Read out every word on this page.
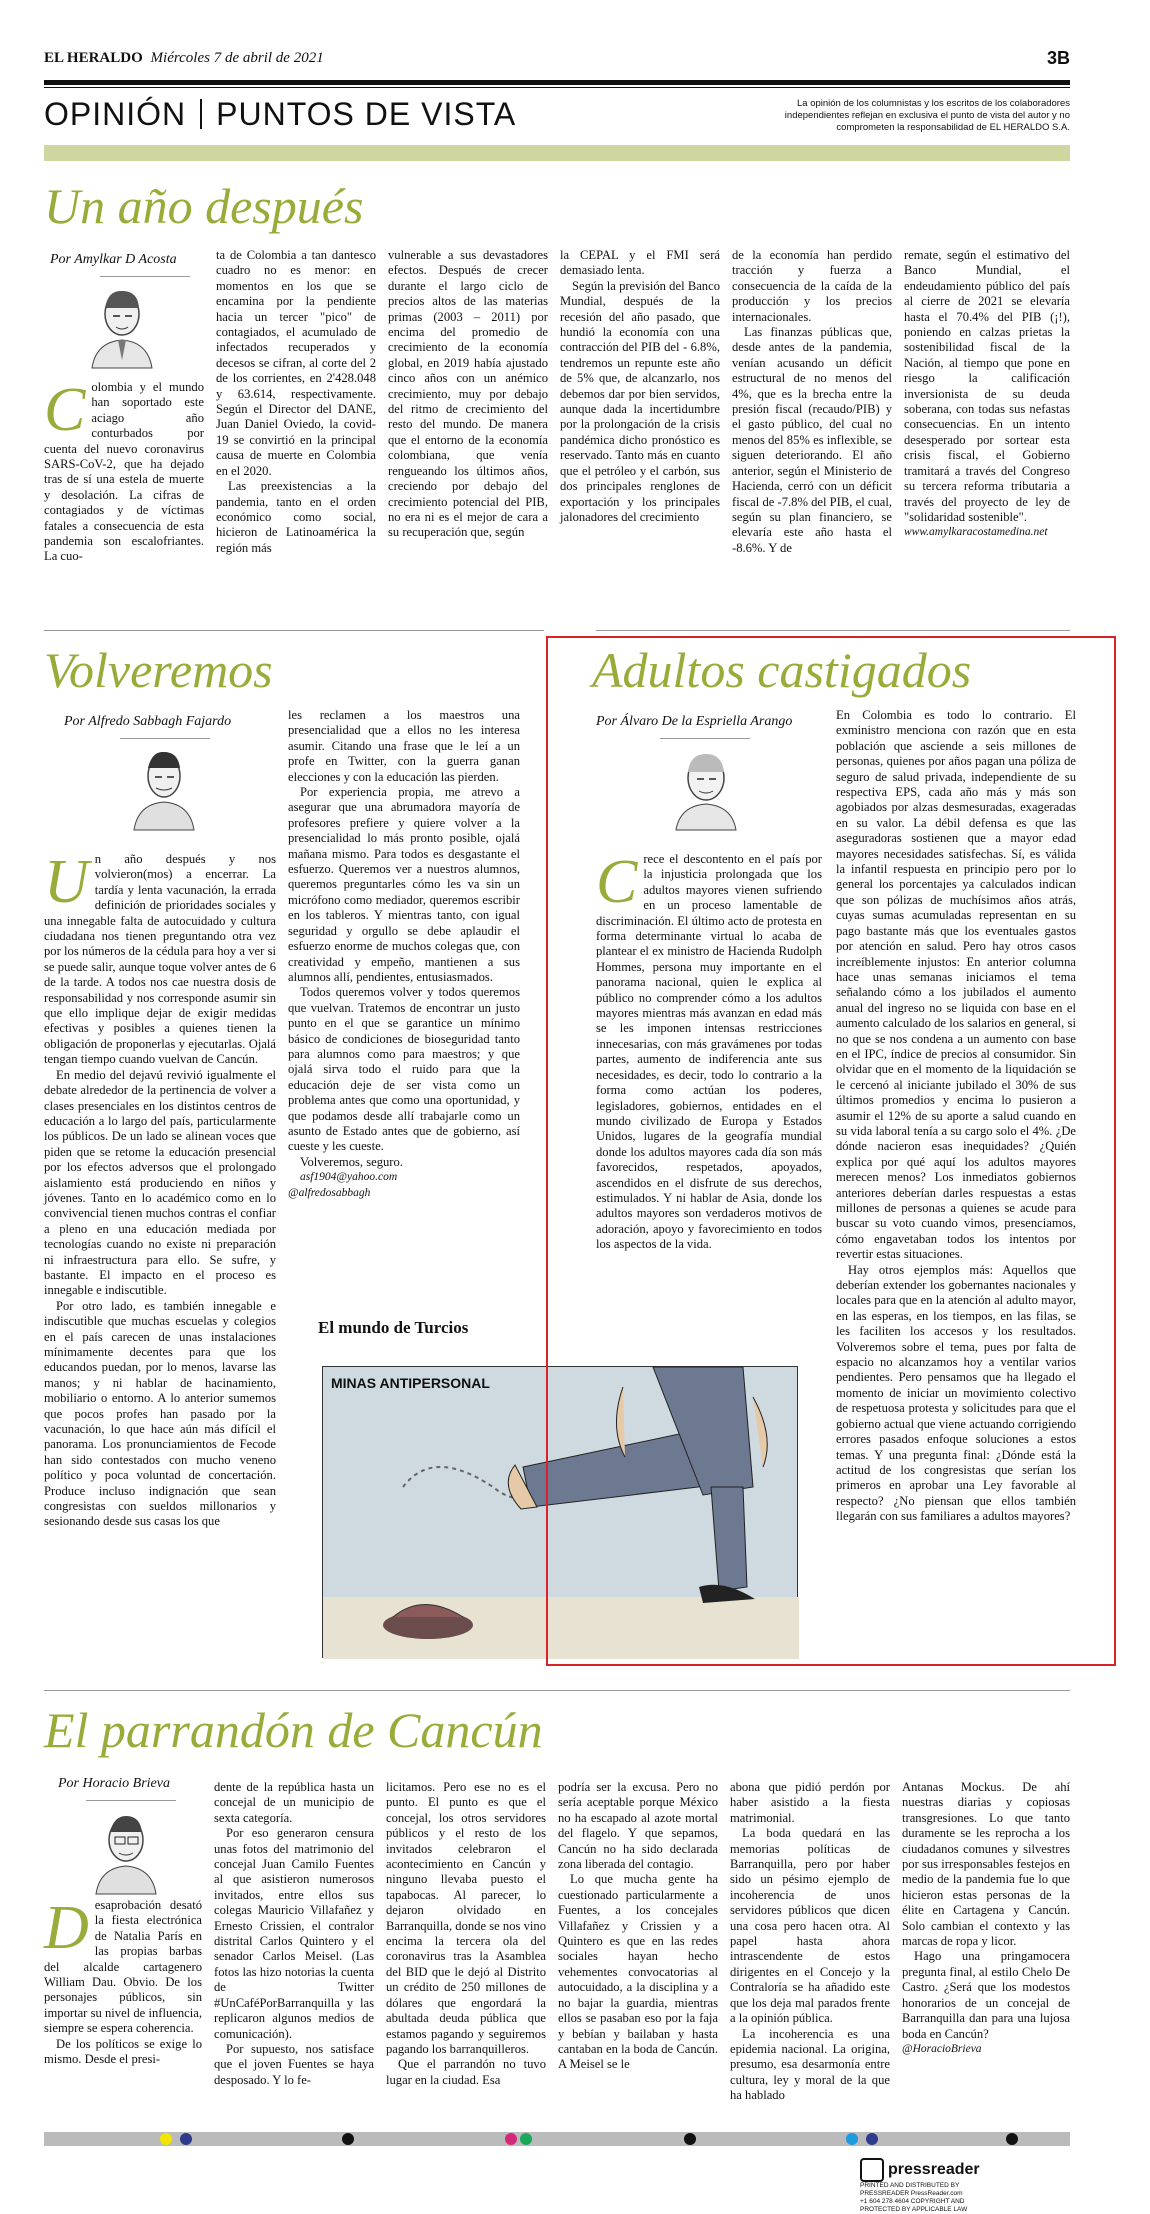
EL HERALDO Miércoles 7 de abril de 2021	3B
OPINIÓN PUNTOS DE VISTA	La opinión de los columnistas y los escritos de los colaboradores independientes reflejan en exclusiva el punto de vista del autor y no comprometen la responsabilidad de EL HERALDO S.A.
Un año después
Por Amylkar D Acosta

Colombia y el mundo han soportado este aciago año conturbados por cuenta del nuevo coronavirus SARS-CoV-2, que ha dejado tras de sí una estela de muerte y desolación. La cifras de contagiados y de víctimas fatales a consecuencia de esta pandemia son escalofriantes. La cuo-

ta de Colombia a tan dantesco cuadro no es menor: en momentos en los que se encamina por la pendiente hacia un tercer "pico" de contagiados, el acumulado de infectados recuperados y decesos se cifran, al corte del 2 de los corrientes, en 2'428.048 y 63.614, respectivamente. Según el Director del DANE, Juan Daniel Oviedo, la covid-19 se convirtió en la principal causa de muerte en Colombia en el 2020.

Las preexistencias a la pandemia, tanto en el orden económico como social, hicieron de Latinoamérica la región más

vulnerable a sus devastadores efectos. Después de crecer durante el largo ciclo de precios altos de las materias primas (2003 – 2011) por encima del promedio de crecimiento de la economía global, en 2019 había ajustado cinco años con un anémico crecimiento, muy por debajo del ritmo de crecimiento del resto del mundo. De manera que el entorno de la economía colombiana, que venía rengueando los últimos años, creciendo por debajo del crecimiento potencial del PIB, no era ni es el mejor de cara a su recuperación que, según

la CEPAL y el FMI será demasiado lenta.

Según la previsión del Banco Mundial, después de la recesión del año pasado, que hundió la economía con una contracción del PIB del - 6.8%, tendremos un repunte este año de 5% que, de alcanzarlo, nos debemos dar por bien servidos, aunque dada la incertidumbre por la prolongación de la crisis pandémica dicho pronóstico es reservado. Tanto más en cuanto que el petróleo y el carbón, sus dos principales renglones de exportación y los principales jalonadores del crecimiento

de la economía han perdido tracción y fuerza a consecuencia de la caída de la producción y los precios internacionales.

Las finanzas públicas que, desde antes de la pandemia, venían acusando un déficit estructural de no menos del 4%, que es la brecha entre la presión fiscal (recaudo/PIB) y el gasto público, del cual no menos del 85% es inflexible, se siguen deteriorando. El año anterior, según el Ministerio de Hacienda, cerró con un déficit fiscal de -7.8% del PIB, el cual, según su plan financiero, se elevaría este año hasta el -8.6%. Y de

remate, según el estimativo del Banco Mundial, el endeudamiento público del país al cierre de 2021 se elevaría hasta el 70.4% del PIB (¡!), poniendo en calzas prietas la sostenibilidad fiscal de la Nación, al tiempo que pone en riesgo la calificación inversionista de su deuda soberana, con todas sus nefastas consecuencias. En un intento desesperado por sortear esta crisis fiscal, el Gobierno tramitará a través del Congreso su tercera reforma tributaria a través del proyecto de ley de "solidaridad sostenible".

www.amylkaracostamedina.net

Volveremos
Por Alfredo Sabbagh Fajardo

Un año después y nos volvieron(mos) a encerrar. La tardía y lenta vacunación, la errada definición de prioridades sociales y una innegable falta de autocuidado y cultura ciudadana nos tienen preguntando otra vez por los números de la cédula para hoy a ver si se puede salir, aunque toque volver antes de 6 de la tarde. A todos nos cae nuestra dosis de responsabilidad y nos corresponde asumir sin que ello implique dejar de exigir medidas efectivas y posibles a quienes tienen la obligación de proponerlas y ejecutarlas. Ojalá tengan tiempo cuando vuelvan de Cancún.

En medio del dejavú revivió igualmente el debate alrededor de la pertinencia de volver a clases presenciales en los distintos centros de educación a lo largo del país, particularmente los públicos. De un lado se alinean voces que piden que se retome la educación presencial por los efectos adversos que el prolongado aislamiento está produciendo en niños y jóvenes. Tanto en lo académico como en lo convivencial tienen muchos contras el confiar a pleno en una educación mediada por tecnologías cuando no existe ni preparación ni infraestructura para ello. Se sufre, y bastante. El impacto en el proceso es innegable e indiscutible.

Por otro lado, es también innegable e indiscutible que muchas escuelas y colegios en el país carecen de unas instalaciones mínimamente decentes para que los educandos puedan, por lo menos, lavarse las manos; y ni hablar de hacinamiento, mobiliario o entorno. A lo anterior sumemos que pocos profes han pasado por la vacunación, lo que hace aún más difícil el panorama. Los pronunciamientos de Fecode han sido contestados con mucho veneno político y poca voluntad de concertación. Produce incluso indignación que sean congresistas con sueldos millonarios y sesionando desde sus casas los que

les reclamen a los maestros una presencialidad que a ellos no les interesa asumir. Citando una frase que le leí a un profe en Twitter, con la guerra ganan elecciones y con la educación las pierden.

Por experiencia propia, me atrevo a asegurar que una abrumadora mayoría de profesores prefiere y quiere volver a la presencialidad lo más pronto posible, ojalá mañana mismo. Para todos es desgastante el esfuerzo. Queremos ver a nuestros alumnos, queremos preguntarles cómo les va sin un micrófono como mediador, queremos escribir en los tableros. Y mientras tanto, con igual seguridad y orgullo se debe aplaudir el esfuerzo enorme de muchos colegas que, con creatividad y empeño, mantienen a sus alumnos allí, pendientes, entusiasmados.

Todos queremos volver y todos queremos que vuelvan. Tratemos de encontrar un justo punto en el que se garantice un mínimo básico de condiciones de bioseguridad tanto para alumnos como para maestros; y que ojalá sirva todo el ruido para que la educación deje de ser vista como un problema antes que como una oportunidad, y que podamos desde allí trabajarle como un asunto de Estado antes que de gobierno, así cueste y les cueste.

Volveremos, seguro.

asf1904@yahoo.com

@alfredosabbagh

El mundo de Turcios
MINAS ANTIPERSONAL
Adultos castigados
Por Álvaro De la Espriella Arango

Crece el descontento en el país por la injusticia prolongada que los adultos mayores vienen sufriendo en un proceso lamentable de discriminación. El último acto de protesta en forma determinante virtual lo acaba de plantear el ex ministro de Hacienda Rudolph Hommes, persona muy importante en el panorama nacional, quien le explica al público no comprender cómo a los adultos mayores mientras más avanzan en edad más se les imponen intensas restricciones innecesarias, con más gravámenes por todas partes, aumento de indiferencia ante sus necesidades, es decir, todo lo contrario a la forma como actúan los poderes, legisladores, gobiernos, entidades en el mundo civilizado de Europa y Estados Unidos, lugares de la geografía mundial donde los adultos mayores cada día son más favorecidos, respetados, apoyados, ascendidos en el disfrute de sus derechos, estimulados. Y ni hablar de Asia, donde los adultos mayores son verdaderos motivos de adoración, apoyo y favorecimiento en todos los aspectos de la vida.

En Colombia es todo lo contrario. El exministro menciona con razón que en esta población que asciende a seis millones de personas, quienes por años pagan una póliza de seguro de salud privada, independiente de su respectiva EPS, cada año más y más son agobiados por alzas desmesuradas, exageradas en su valor. La débil defensa es que las aseguradoras sostienen que a mayor edad mayores necesidades satisfechas. Sí, es válida la infantil respuesta en principio pero por lo general los porcentajes ya calculados indican que son pólizas de muchísimos años atrás, cuyas sumas acumuladas representan en su pago bastante más que los eventuales gastos por atención en salud. Pero hay otros casos increíblemente injustos: En anterior columna hace unas semanas iniciamos el tema señalando cómo a los jubilados el aumento anual del ingreso no se liquida con base en el aumento calculado de los salarios en general, si no que se nos condena a un aumento con base en el IPC, índice de precios al consumidor. Sin olvidar que en el momento de la liquidación se le cercenó al iniciante jubilado el 30% de sus últimos promedios y encima lo pusieron a asumir el 12% de su aporte a salud cuando en su vida laboral tenía a su cargo solo el 4%. ¿De dónde nacieron esas inequidades? ¿Quién explica por qué aquí los adultos mayores merecen menos? Los inmediatos gobiernos anteriores deberían darles respuestas a estas millones de personas a quienes se acude para buscar su voto cuando vimos, presenciamos, cómo engavetaban todos los intentos por revertir estas situaciones.

Hay otros ejemplos más: Aquellos que deberían extender los gobernantes nacionales y locales para que en la atención al adulto mayor, en las esperas, en los tiempos, en las filas, se les faciliten los accesos y los resultados. Volveremos sobre el tema, pues por falta de espacio no alcanzamos hoy a ventilar varios pendientes. Pero pensamos que ha llegado el momento de iniciar un movimiento colectivo de respetuosa protesta y solicitudes para que el gobierno actual que viene actuando corrigiendo errores pasados enfoque soluciones a estos temas. Y una pregunta final: ¿Dónde está la actitud de los congresistas que serían los primeros en aprobar una Ley favorable al respecto? ¿No piensan que ellos también llegarán con sus familiares a adultos mayores?

El parrandón de Cancún
Por Horacio Brieva

Desaprobación desató la fiesta electrónica de Natalia París en las propias barbas del alcalde cartagenero William Dau. Obvio. De los personajes públicos, sin importar su nivel de influencia, siempre se espera coherencia.

De los políticos se exige lo mismo. Desde el presi-

dente de la república hasta un concejal de un municipio de sexta categoría.

Por eso generaron censura unas fotos del matrimonio del concejal Juan Camilo Fuentes al que asistieron numerosos invitados, entre ellos sus colegas Mauricio Villafañez y Ernesto Crissien, el contralor distrital Carlos Quintero y el senador Carlos Meisel. (Las fotos las hizo notorias la cuenta de Twitter #UnCaféPorBarranquilla y las replicaron algunos medios de comunicación).

Por supuesto, nos satisface que el joven Fuentes se haya desposado. Y lo fe-

licitamos. Pero ese no es el punto. El punto es que el concejal, los otros servidores públicos y el resto de los invitados celebraron el acontecimiento en Cancún y ninguno llevaba puesto el tapabocas. Al parecer, lo dejaron olvidado en Barranquilla, donde se nos vino encima la tercera ola del coronavirus tras la Asamblea del BID que le dejó al Distrito un crédito de 250 millones de dólares que engordará la abultada deuda pública que estamos pagando y seguiremos pagando los barranquilleros.

Que el parrandón no tuvo lugar en la ciudad. Esa

podría ser la excusa. Pero no sería aceptable porque México no ha escapado al azote mortal del flagelo. Y que sepamos, Cancún no ha sido declarada zona liberada del contagio.

Lo que mucha gente ha cuestionado particularmente a Fuentes, a los concejales Villafañez y Crissien y a Quintero es que en las redes sociales hayan hecho vehementes convocatorias al autocuidado, a la disciplina y a no bajar la guardia, mientras ellos se pasaban eso por la faja y bebían y bailaban y hasta cantaban en la boda de Cancún. A Meisel se le

abona que pidió perdón por haber asistido a la fiesta matrimonial.

La boda quedará en las memorias políticas de Barranquilla, pero por haber sido un pésimo ejemplo de incoherencia de unos servidores públicos que dicen una cosa pero hacen otra. Al papel hasta ahora intrascendente de estos dirigentes en el Concejo y la Contraloría se ha añadido este que los deja mal parados frente a la opinión pública.

La incoherencia es una epidemia nacional. La origina, presumo, esa desarmonía entre cultura, ley y moral de la que ha hablado

Antanas Mockus. De ahí nuestras diarias y copiosas transgresiones. Lo que tanto duramente se les reprocha a los ciudadanos comunes y silvestres por sus irresponsables festejos en medio de la pandemia fue lo que hicieron estas personas de la élite en Cartagena y Cancún. Solo cambian el contexto y las marcas de ropa y licor.

Hago una pringamocera pregunta final, al estilo Chelo De Castro. ¿Será que los modestos honorarios de un concejal de Barranquilla dan para una lujosa boda en Cancún?

@HoracioBrieva

pressreaderPRINTED AND DISTRIBUTED BY PRESSREADER PressReader.com +1 604 278 4604 COPYRIGHT AND PROTECTED BY APPLICABLE LAW
